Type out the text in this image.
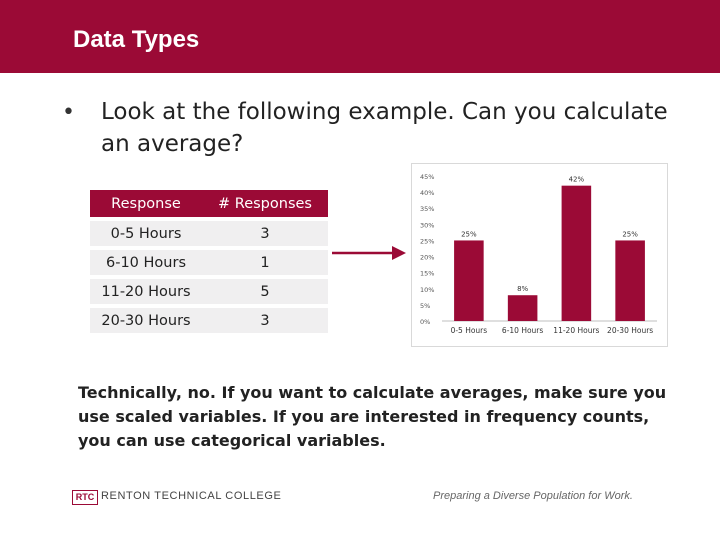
Data Types
• Look at the following example. Can you calculate an average?
Response	# Responses
0-5 Hours	3
6-10 Hours	1
11-20 Hours	5
20-30 Hours	3	0%
5%
10%
15%
20%
25%
30%
35%
40%
45%
25%
0-5 Hours
8%
6-10 Hours
42%
11-20 Hours
25%
20-30 Hours
Technically, no. If you want to calculate averages, make sure you use scaled variables. If you are interested in frequency counts, you can use categorical variables.
RTC RENTON TECHNICAL COLLEGE	Preparing a Diverse Population for Work.
